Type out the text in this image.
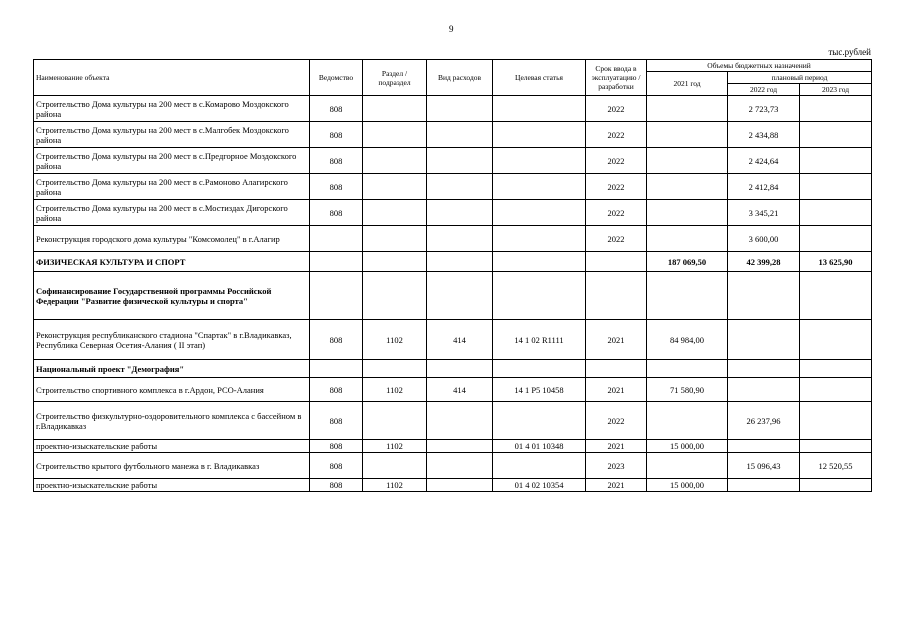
9
тыс.рублей
Наименование объекта	Ведомство	Раздел / подраздел	Вид расходов	Целевая статья	Срок ввода в эксплуатацию / разработки	Объемы бюджетных назначений		
						2021 год	плановый период	
							2022 год	2023 год
Строительство Дома культуры на 200 мест в с.Комарово Моздокского района	808				2022		2 723,73	
Строительство Дома культуры на 200 мест в с.Малгобек Моздокского района	808				2022		2 434,88	
Строительство Дома культуры на 200 мест в с.Предгорное Моздокского района	808				2022		2 424,64	
Строительство Дома культуры на 200 мест в с.Рамоново Алагирского района	808				2022		2 412,84	
Строительство Дома культуры на 200 мест в с.Мостиздах Дигорского района	808				2022		3 345,21	
Реконструкция городского дома культуры "Комсомолец" в г.Алагир					2022		3 600,00	
ФИЗИЧЕСКАЯ КУЛЬТУРА И СПОРТ						187 069,50	42 399,28	13 625,90
Софинансирование Государственной программы Российской Федерации "Развитие физической культуры и спорта"								
Реконструкция республиканского стадиона "Спартак" в г.Владикавказ, Республика Северная Осетия-Алания ( II этап)	808	1102	414	14 1 02 R1111	2021	84 984,00		
Национальный проект "Демография"								
Строительство спортивного комплекса в г.Ардон, РСО-Алания	808	1102	414	14 1 P5 10458	2021	71 580,90		
Строительство физкультурно-оздоровительного комплекса с бассейном в г.Владикавказ	808				2022		26 237,96	
проектно-изыскательские работы	808	1102		01 4 01 10348	2021	15 000,00		
Строительство крытого футбольного манежа в г. Владикавказ	808				2023		15 096,43	12 520,55
проектно-изыскательские работы	808	1102		01 4 02 10354	2021	15 000,00		
